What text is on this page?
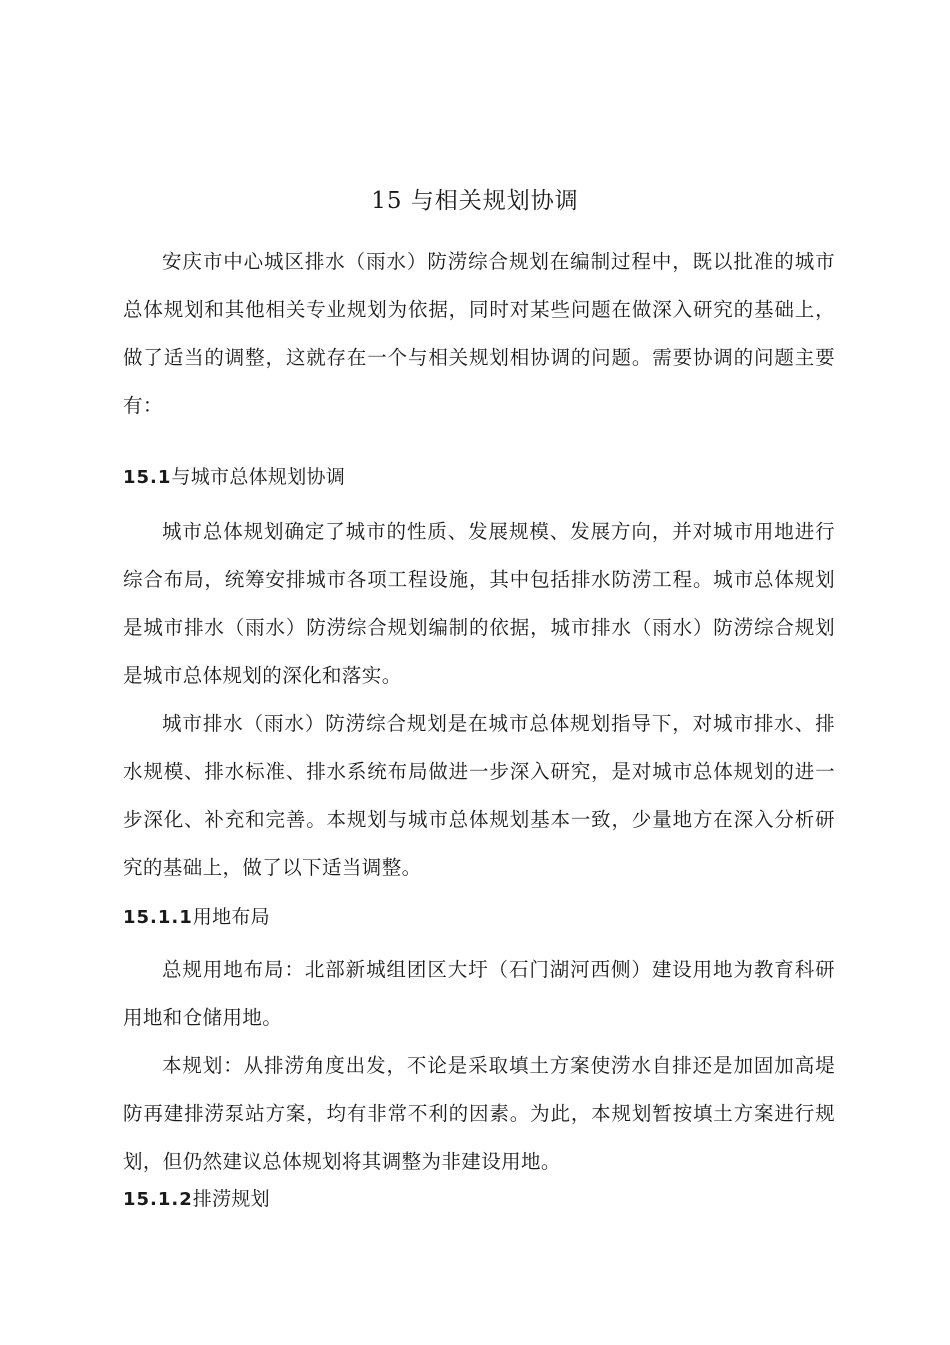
15 与相关规划协调

安庆市中心城区排水（雨水）防涝综合规划在编制过程中，既以批准的城市总体规划和其他相关专业规划为依据，同时对某些问题在做深入研究的基础上，做了适当的调整，这就存在一个与相关规划相协调的问题。需要协调的问题主要有：

15.1与城市总体规划协调

城市总体规划确定了城市的性质、发展规模、发展方向，并对城市用地进行综合布局，统筹安排城市各项工程设施，其中包括排水防涝工程。城市总体规划是城市排水（雨水）防涝综合规划编制的依据，城市排水（雨水）防涝综合规划是城市总体规划的深化和落实。

城市排水（雨水）防涝综合规划是在城市总体规划指导下，对城市排水、排水规模、排水标准、排水系统布局做进一步深入研究，是对城市总体规划的进一步深化、补充和完善。本规划与城市总体规划基本一致，少量地方在深入分析研究的基础上，做了以下适当调整。

15.1.1用地布局

总规用地布局：北部新城组团区大圩（石门湖河西侧）建设用地为教育科研用地和仓储用地。

本规划：从排涝角度出发，不论是采取填土方案使涝水自排还是加固加高堤防再建排涝泵站方案，均有非常不利的因素。为此，本规划暂按填土方案进行规划，但仍然建议总体规划将其调整为非建设用地。

15.1.2排涝规划
